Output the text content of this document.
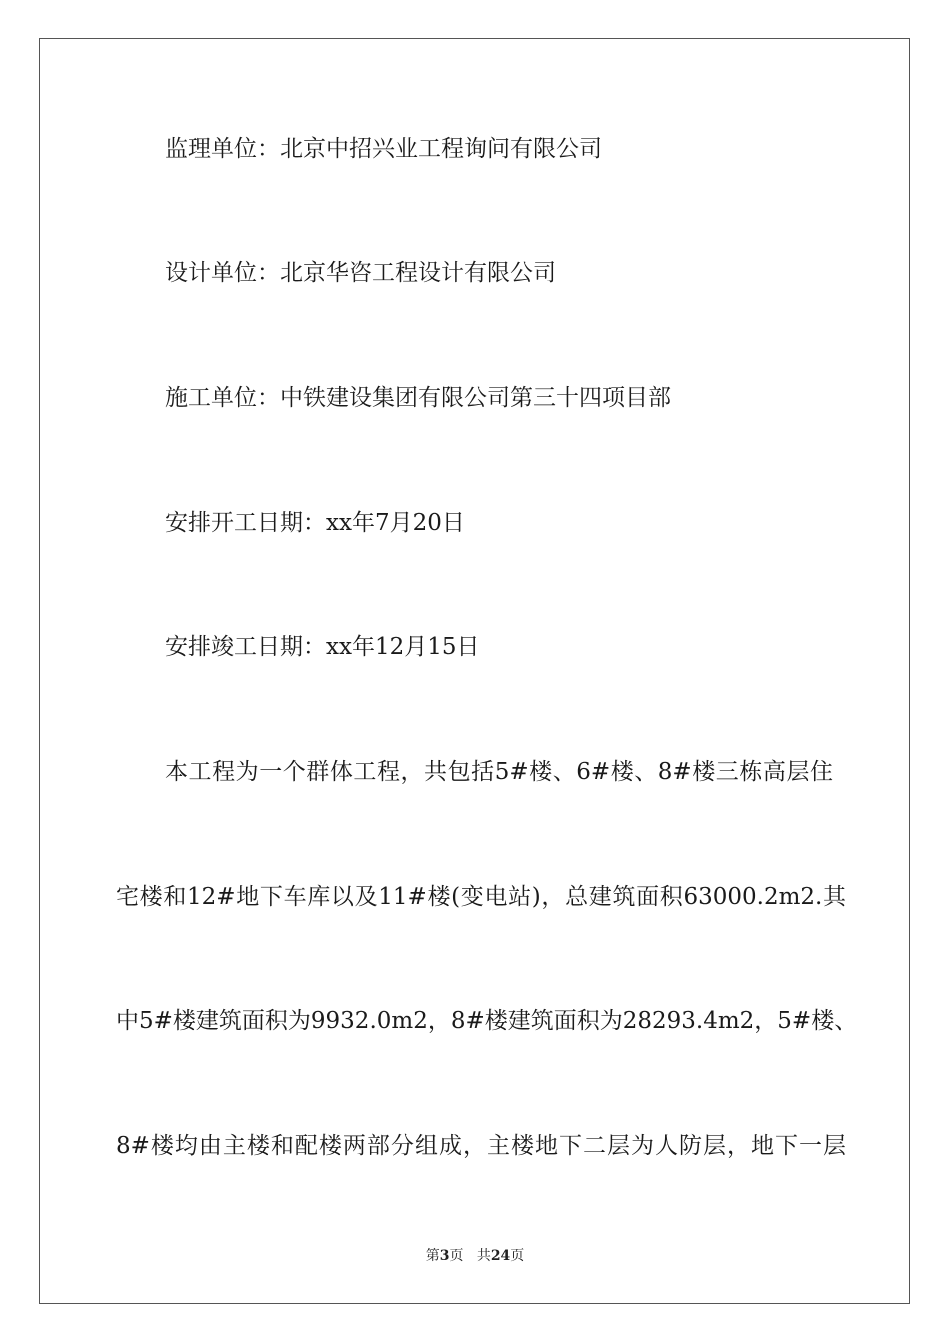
监理单位：北京中招兴业工程询问有限公司
设计单位：北京华咨工程设计有限公司
施工单位：中铁建设集团有限公司第三十四项目部
安排开工日期：xx年7月20日
安排竣工日期：xx年12月15日
本工程为一个群体工程，共包括5#楼、6#楼、8#楼三栋高层住
宅楼和12#地下车库以及11#楼(变电站)，总建筑面积63000.2m2.其
中5#楼建筑面积为9932.0m2，8#楼建筑面积为28293.4m2，5#楼、
8#楼均由主楼和配楼两部分组成，主楼地下二层为人防层，地下一层
第3页 共24页
